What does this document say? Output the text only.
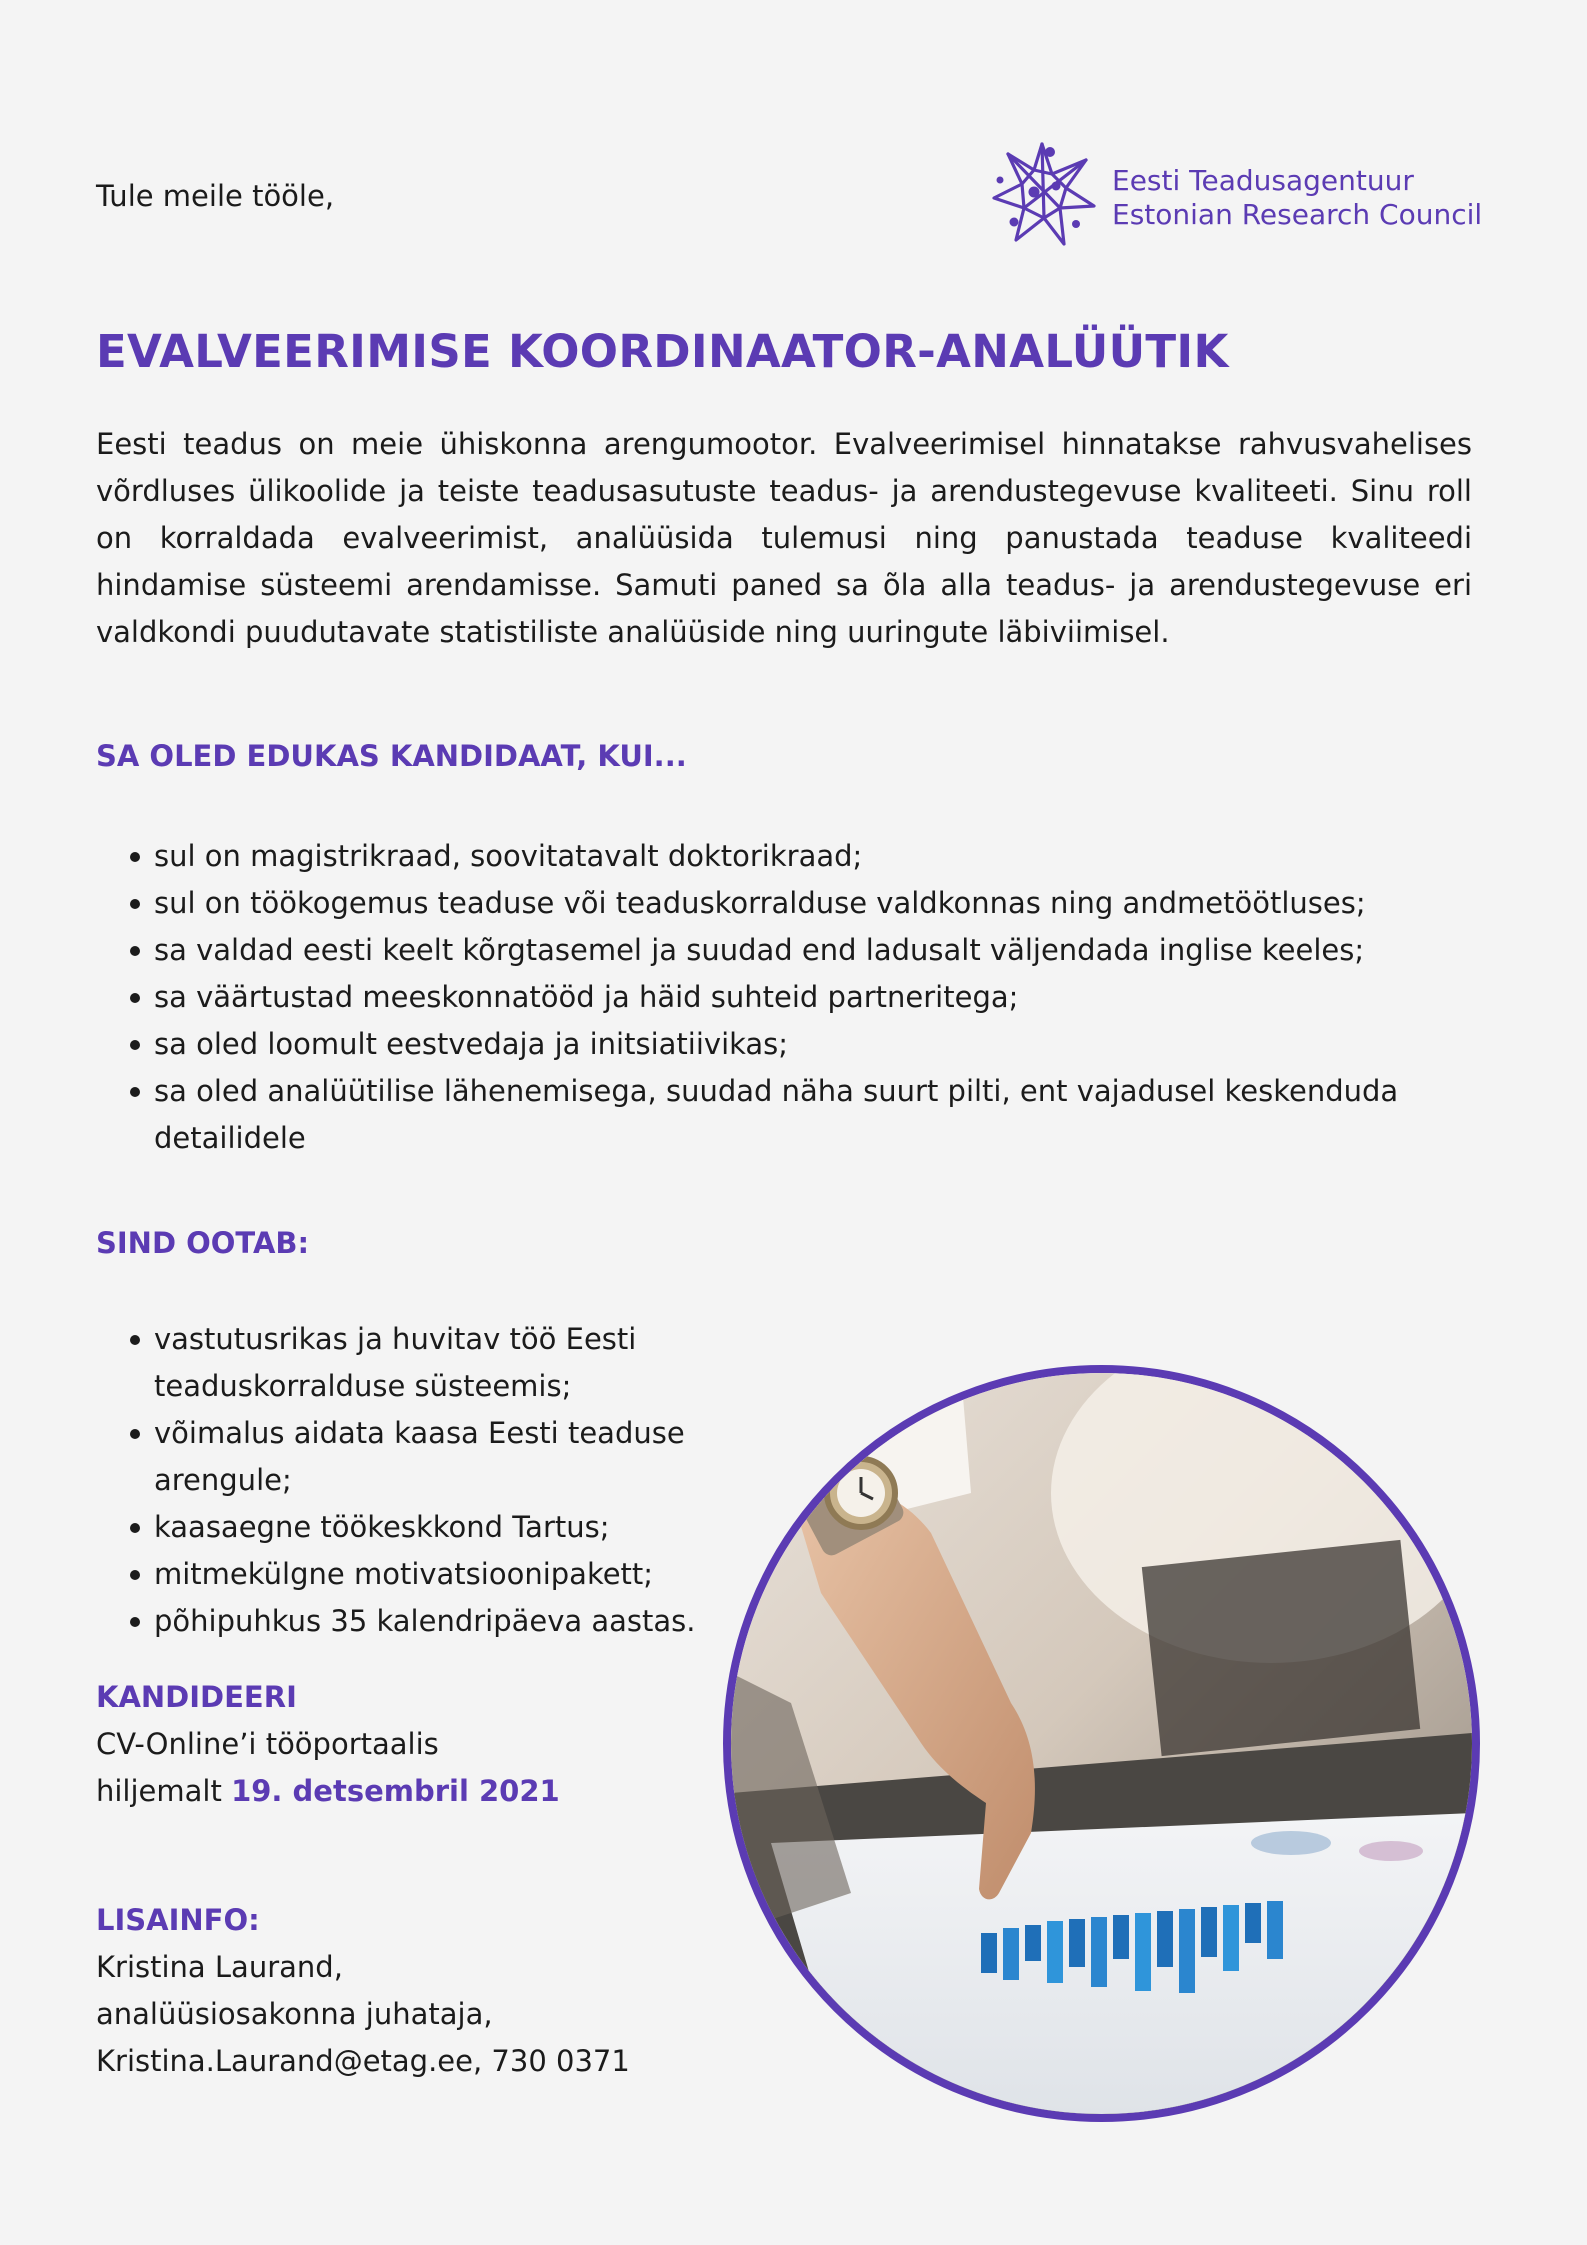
Tule meile tööle,	Eesti Teadusagentuur
Estonian Research Council
EVALVEERIMISE KOORDINAATOR-ANALÜÜTIK

Eesti teadus on meie ühiskonna arengumootor. Evalveerimisel hinnatakse rahvusvahelises võrdluses ülikoolide ja teiste teadusasutuste teadus- ja arendustegevuse kvaliteeti. Sinu roll on korraldada evalveerimist, analüüsida tulemusi ning panustada teaduse kvaliteedi hindamise süsteemi arendamisse. Samuti paned sa õla alla teadus- ja arendustegevuse eri valdkondi puudutavate statistiliste analüüside ning uuringute läbiviimisel.

SA OLED EDUKAS KANDIDAAT, KUI...
sul on magistrikraad, soovitatavalt doktorikraad;
sul on töökogemus teaduse või teaduskorralduse valdkonnas ning andmetöötluses;
sa valdad eesti keelt kõrgtasemel ja suudad end ladusalt väljendada inglise keeles;
sa väärtustad meeskonnatööd ja häid suhteid partneritega;
sa oled loomult eestvedaja ja initsiatiivikas;
sa oled analüütilise lähenemisega, suudad näha suurt pilti, ent vajadusel keskenduda detailidele
SIND OOTAB:
vastutusrikas ja huvitav töö Eesti teaduskorralduse süsteemis;
võimalus aidata kaasa Eesti teaduse arengule;
kaasaegne töökeskkond Tartus;
mitmekülgne motivatsioonipakett;
põhipuhkus 35 kalendripäeva aastas.
KANDIDEERI
CV-Online’i tööportaalis
hiljemalt 19. detsembril 2021
LISAINFO:
Kristina Laurand,
analüüsiosakonna juhataja,
Kristina.Laurand@etag.ee, 730 0371
